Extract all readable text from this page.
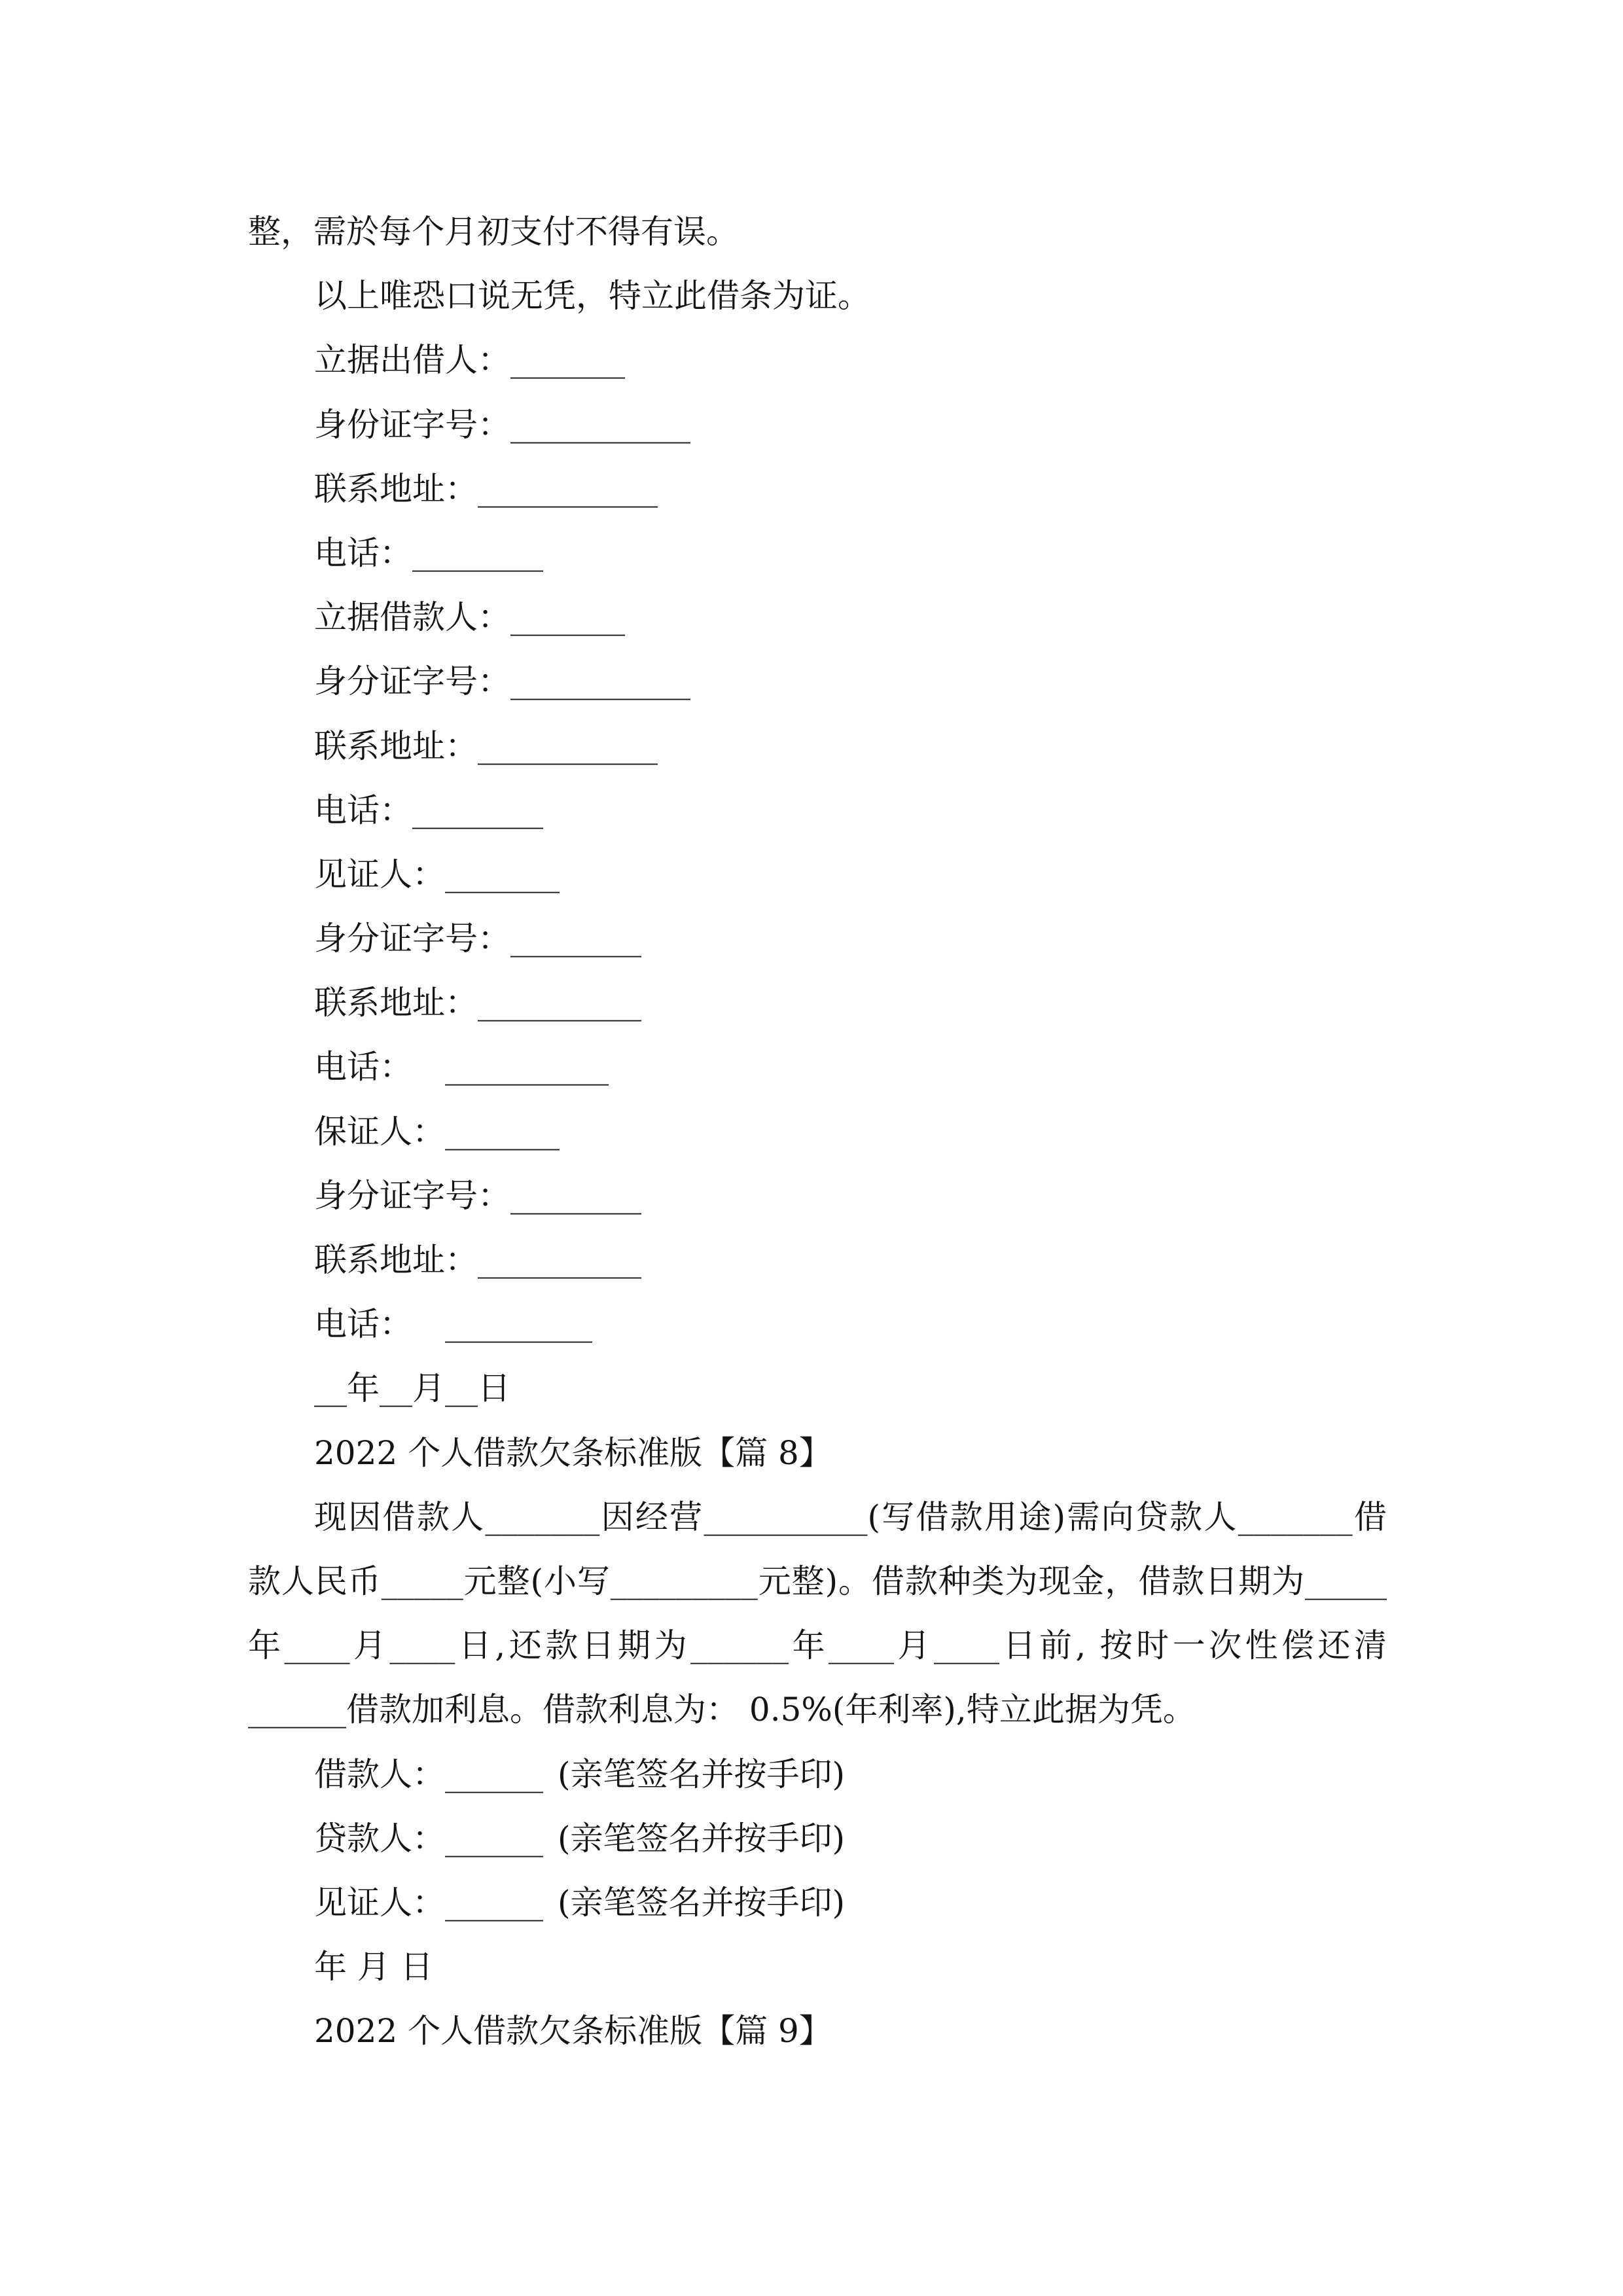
整，需於每个月初支付不得有误。
以上唯恐口说无凭，特立此借条为证。
立据出借人：_______
身份证字号：___________
联系地址：___________
电话：________
立据借款人：_______
身分证字号：___________
联系地址：___________
电话：________
见证人：_______
身分证字号：________
联系地址：__________
电话： __________
保证人：_______
身分证字号：________
联系地址：__________
电话： _________
__年__月__日
2022 个人借款欠条标准版【篇 8】
现因借款人_______因经营__________(写借款用途)需向贷款人_______借
款人民币_____元整(小写_________元整)。借款种类为现金，借款日期为_____
年____月____日,还款日期为______年____月____日前, 按时一次性偿还清
______借款加利息。借款利息为： 0.5%(年利率),特立此据为凭。
借款人：______ (亲笔签名并按手印)
贷款人：______ (亲笔签名并按手印)
见证人：______ (亲笔签名并按手印)
年 月 日
2022 个人借款欠条标准版【篇 9】
